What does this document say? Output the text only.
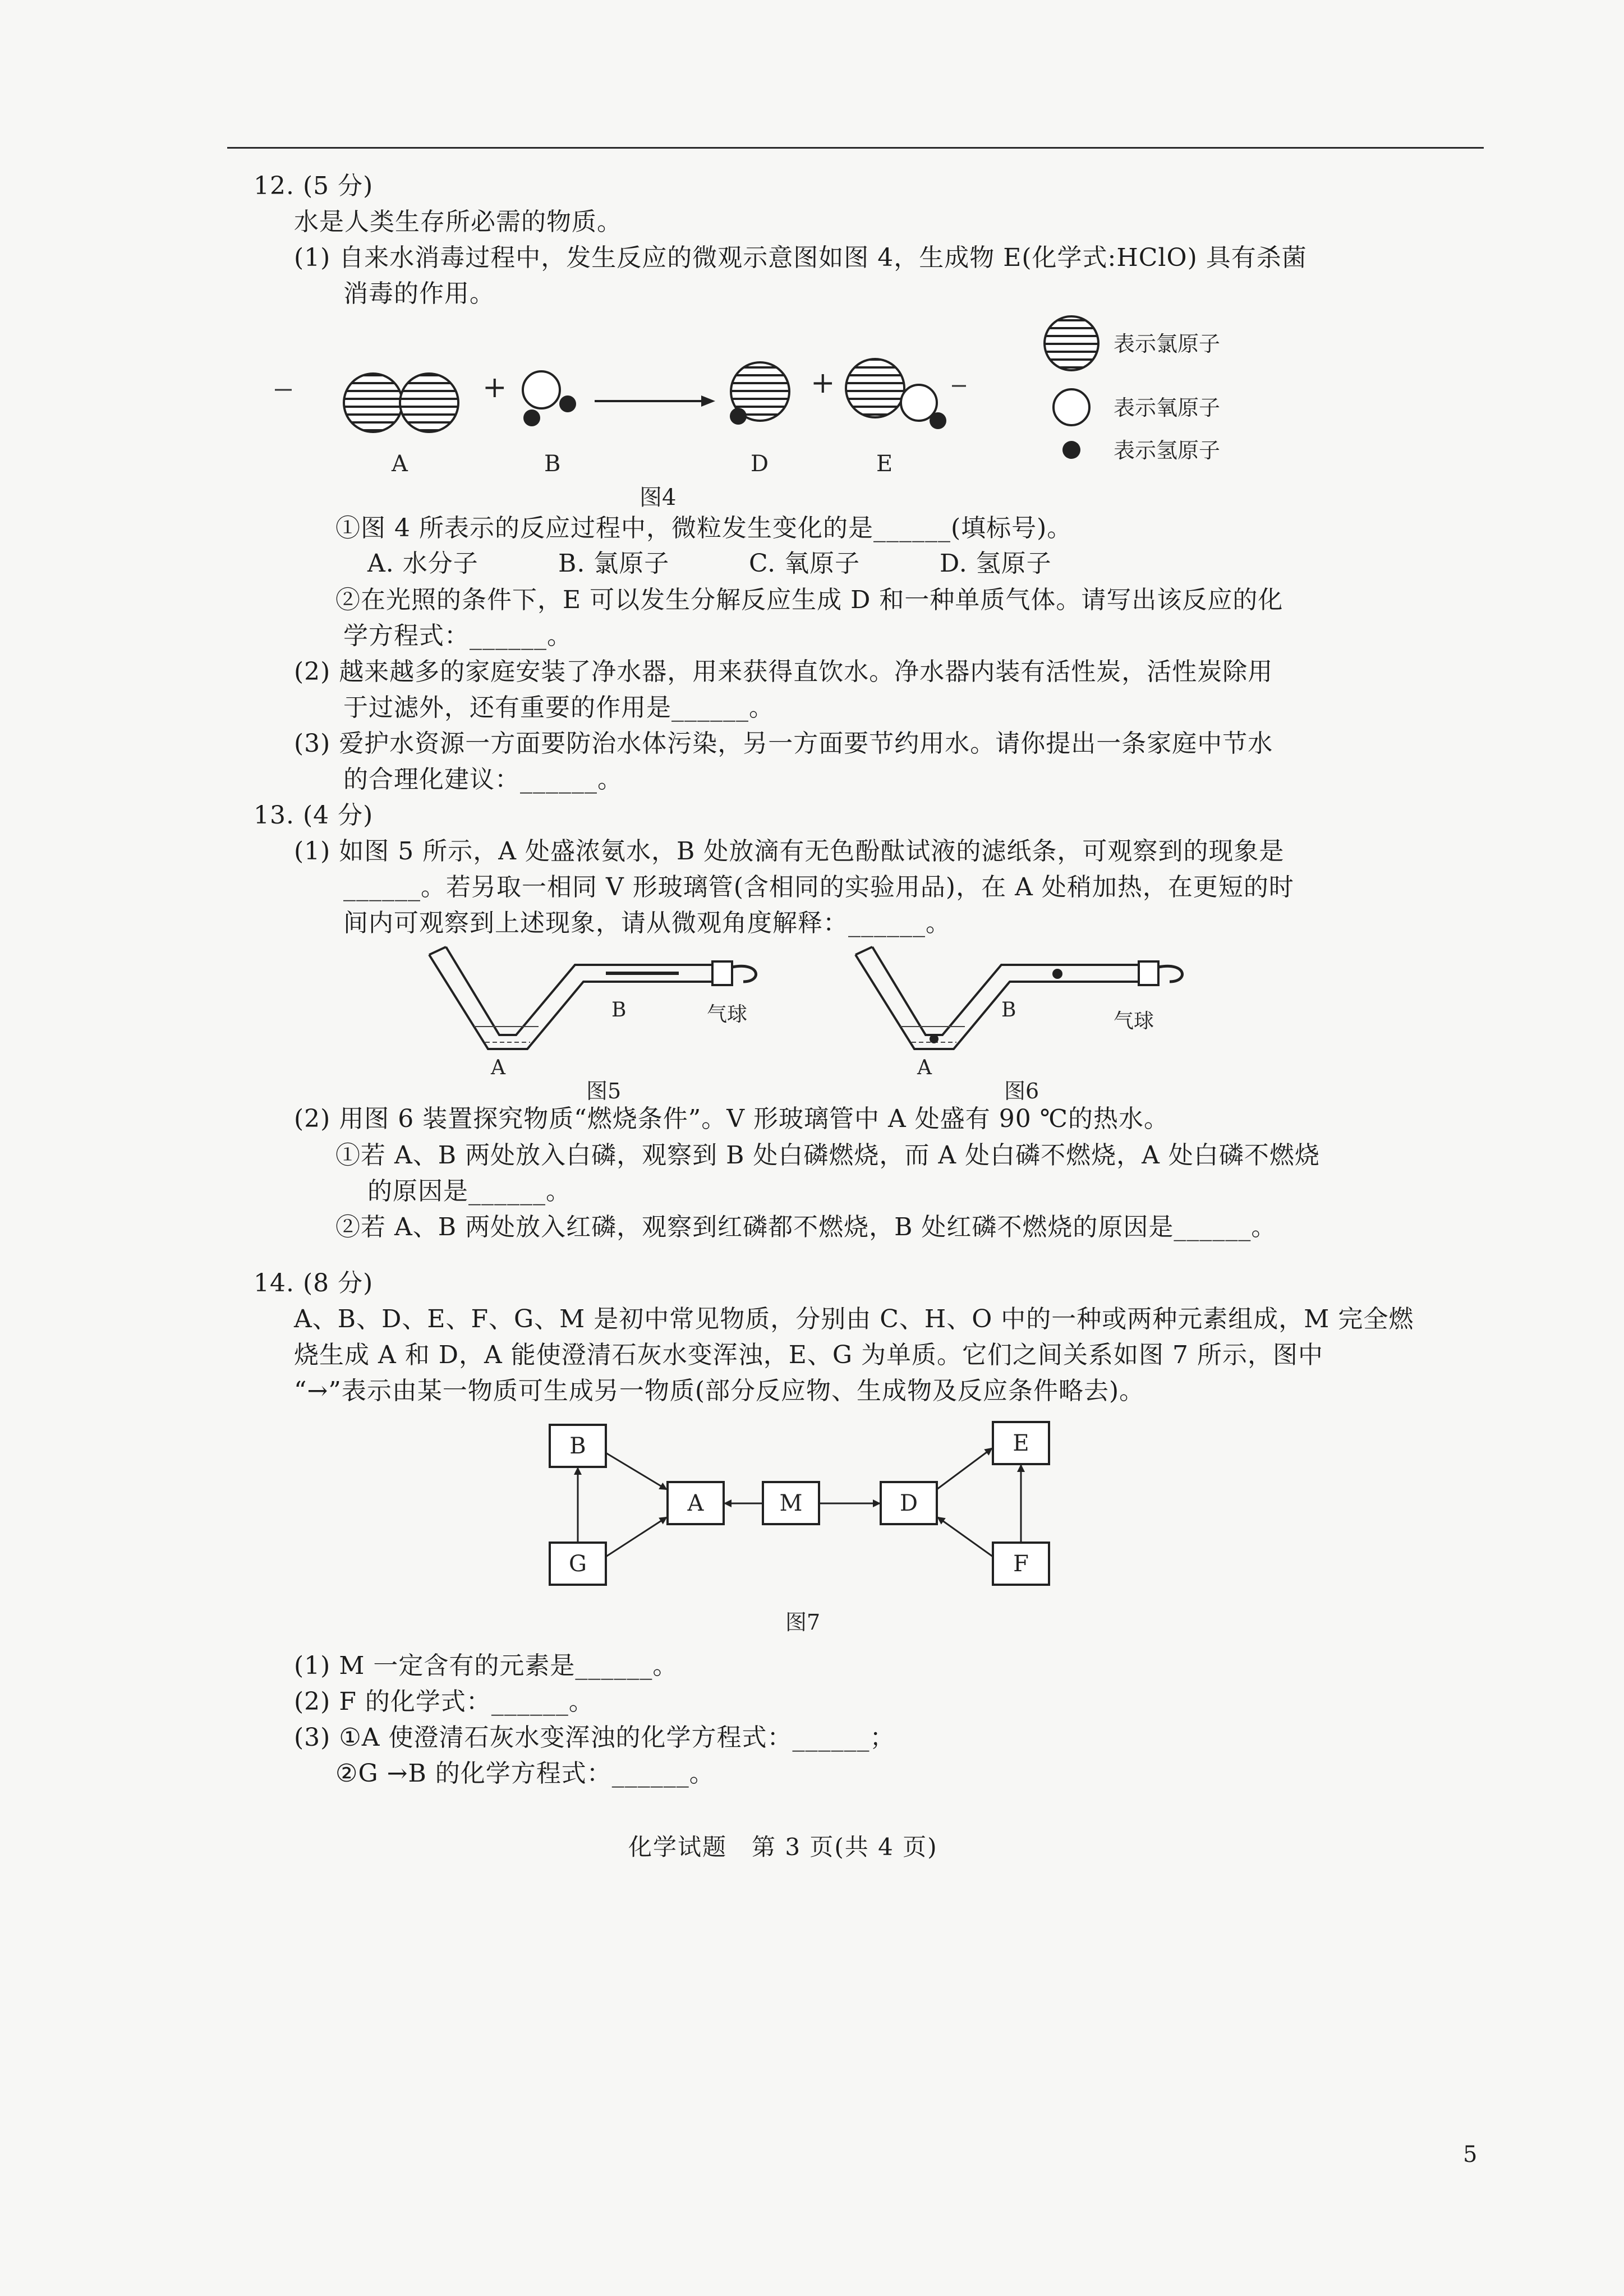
12. (5 分)
水是人类生存所必需的物质。
(1) 自来水消毒过程中，发生反应的微观示意图如图 4，生成物 E(化学式:HClO) 具有杀菌
消毒的作用。
+	+
A	B	D	E
图4
表示氯原子
表示氧原子
表示氢原子
①图 4 所表示的反应过程中，微粒发生变化的是______(填标号)。
A. 水分子	B. 氯原子	C. 氧原子	D. 氢原子
②在光照的条件下，E 可以发生分解反应生成 D 和一种单质气体。请写出该反应的化
学方程式：______。
(2) 越来越多的家庭安装了净水器，用来获得直饮水。净水器内装有活性炭，活性炭除用
于过滤外，还有重要的作用是______。
(3) 爱护水资源一方面要防治水体污染，另一方面要节约用水。请你提出一条家庭中节水
的合理化建议：______。
13. (4 分)
(1) 如图 5 所示，A 处盛浓氨水，B 处放滴有无色酚酞试液的滤纸条，可观察到的现象是
______。若另取一相同 V 形玻璃管(含相同的实验用品)，在 A 处稍加热，在更短的时
间内可观察到上述现象，请从微观角度解释：______。
B
A
气球
图5
B
A
气球
图6
(2) 用图 6 装置探究物质“燃烧条件”。V 形玻璃管中 A 处盛有 90 ℃的热水。
①若 A、B 两处放入白磷，观察到 B 处白磷燃烧，而 A 处白磷不燃烧，A 处白磷不燃烧
的原因是______。
②若 A、B 两处放入红磷，观察到红磷都不燃烧，B 处红磷不燃烧的原因是______。
14. (8 分)
A、B、D、E、F、G、M 是初中常见物质，分别由 C、H、O 中的一种或两种元素组成，M 完全燃
烧生成 A 和 D，A 能使澄清石灰水变浑浊，E、G 为单质。它们之间关系如图 7 所示，图中
“→”表示由某一物质可生成另一物质(部分反应物、生成物及反应条件略去)。
B
A	M	D
E
G	F
图7
(1) M 一定含有的元素是______。
(2) F 的化学式：______。
(3) ①A 使澄清石灰水变浑浊的化学方程式：______；
②G →B 的化学方程式：______。
化学试题　第 3 页(共 4 页)
5
